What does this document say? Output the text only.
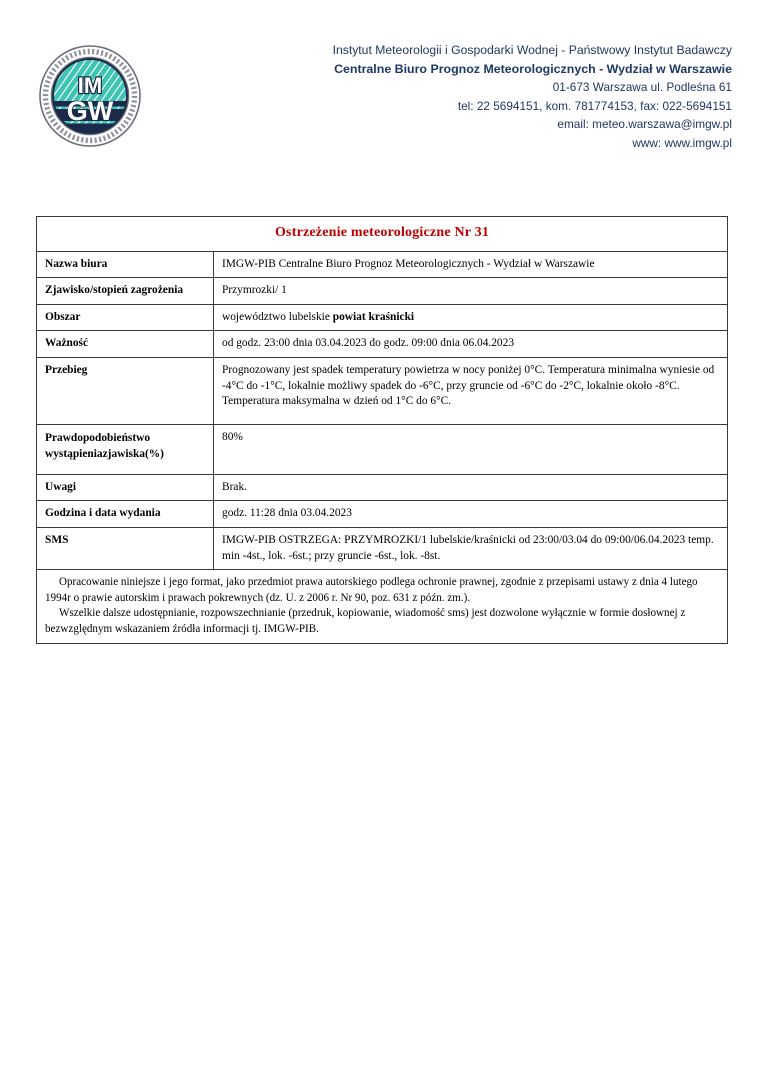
IM
GW
Instytut Meteorologii i Gospodarki Wodnej - Państwowy Instytut Badawczy
Centralne Biuro Prognoz Meteorologicznych - Wydział w Warszawie
01-673 Warszawa ul. Podleśna 61
tel: 22 5694151, kom. 781774153, fax: 022-5694151
email: meteo.warszawa@imgw.pl
www: www.imgw.pl
Ostrzeżenie meteorologiczne Nr 31	
Nazwa biura	IMGW-PIB Centralne Biuro Prognoz Meteorologicznych - Wydział w Warszawie
Zjawisko/stopień zagrożenia	Przymrozki/ 1
Obszar	województwo lubelskie powiat kraśnicki
Ważność	od godz. 23:00 dnia 03.04.2023 do godz. 09:00 dnia 06.04.2023
Przebieg	Prognozowany jest spadek temperatury powietrza w nocy poniżej 0°C. Temperatura minimalna wyniesie od -4°C do -1°C, lokalnie możliwy spadek do -6°C, przy gruncie od -6°C do -2°C, lokalnie około -8°C. Temperatura maksymalna w dzień od 1°C do 6°C.
Prawdopodobieństwo wystąpieniazjawiska(%)	80%
Uwagi	Brak.
Godzina i data wydania	godz. 11:28 dnia 03.04.2023
SMS	IMGW-PIB OSTRZEGA: PRZYMROZKI/1 lubelskie/kraśnicki od 23:00/03.04 do 09:00/06.04.2023 temp. min -4st., lok. -6st.; przy gruncie -6st., lok. -8st.

Opracowanie niniejsze i jego format, jako przedmiot prawa autorskiego podlega ochronie prawnej, zgodnie z przepisami ustawy z dnia 4 lutego 1994r o prawie autorskim i prawach pokrewnych (dz. U. z 2006 r. Nr 90, poz. 631 z późn. zm.).

Wszelkie dalsze udostępnianie, rozpowszechnianie (przedruk, kopiowanie, wiadomość sms) jest dozwolone wyłącznie w formie dosłownej z bezwzględnym wskazaniem źródła informacji tj. IMGW-PIB.	
